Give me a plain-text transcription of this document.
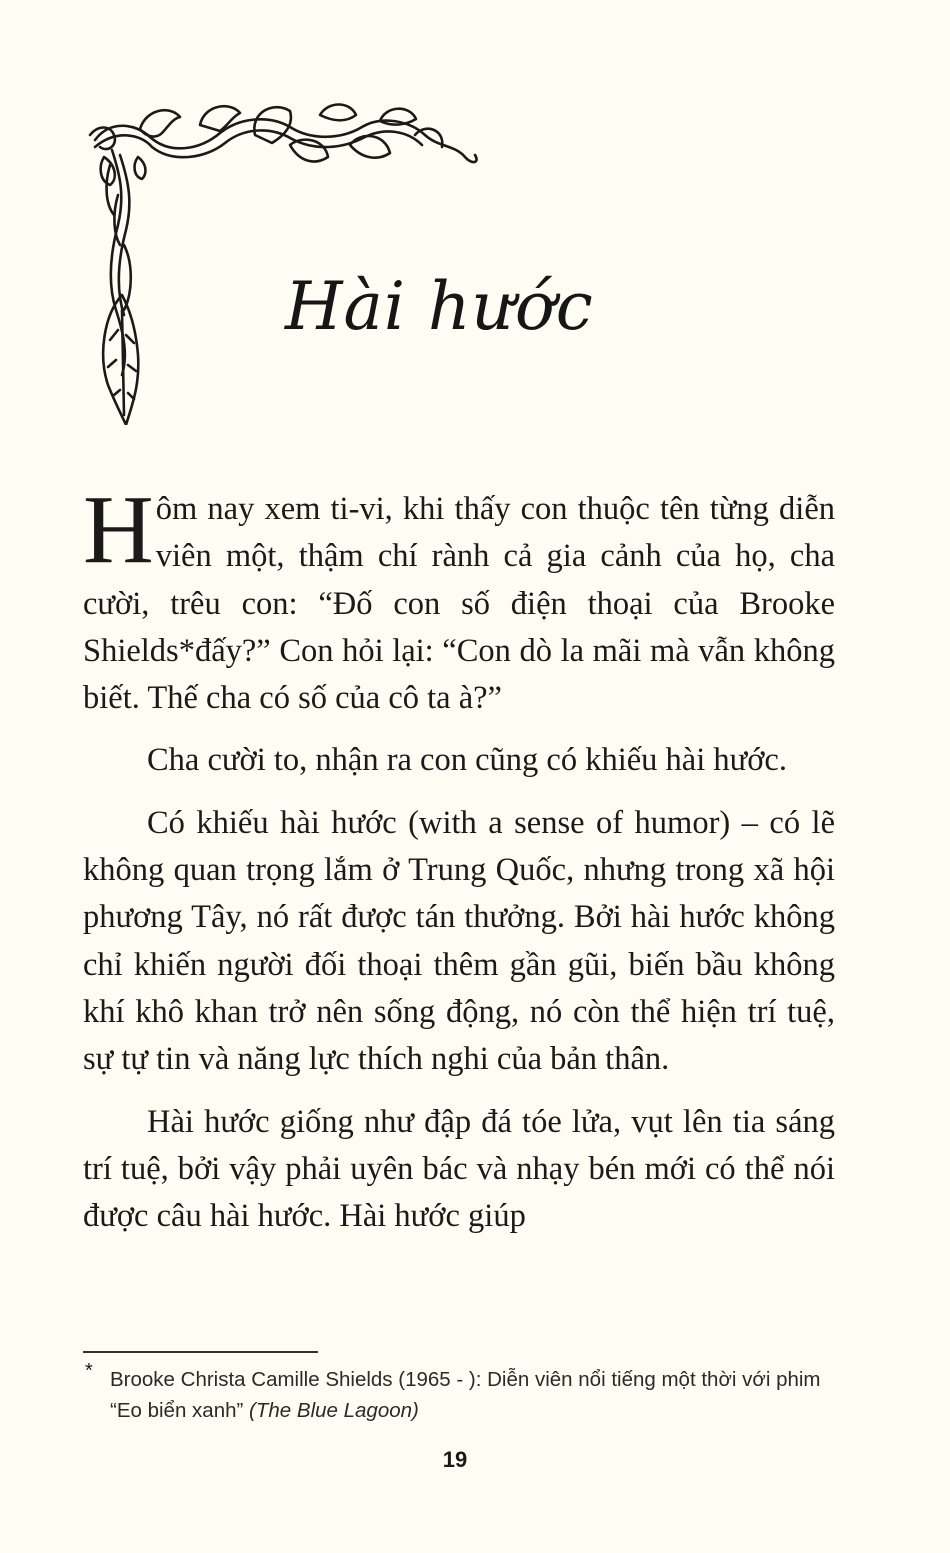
Hài hước

Hôm nay xem ti-vi, khi thấy con thuộc tên từng diễn viên một, thậm chí rành cả gia cảnh của họ, cha cười, trêu con: “Đố con số điện thoại của Brooke Shields*đấy?” Con hỏi lại: “Con dò la mãi mà vẫn không biết. Thế cha có số của cô ta à?”

Cha cười to, nhận ra con cũng có khiếu hài hước.

Có khiếu hài hước (with a sense of humor) – có lẽ không quan trọng lắm ở Trung Quốc, nhưng trong xã hội phương Tây, nó rất được tán thưởng. Bởi hài hước không chỉ khiến người đối thoại thêm gần gũi, biến bầu không khí khô khan trở nên sống động, nó còn thể hiện trí tuệ, sự tự tin và năng lực thích nghi của bản thân.

Hài hước giống như đập đá tóe lửa, vụt lên tia sáng trí tuệ, bởi vậy phải uyên bác và nhạy bén mới có thể nói được câu hài hước. Hài hước giúp

* Brooke Christa Camille Shields (1965 - ): Diễn viên nổi tiếng một thời với phim “Eo biển xanh” (The Blue Lagoon)
19
